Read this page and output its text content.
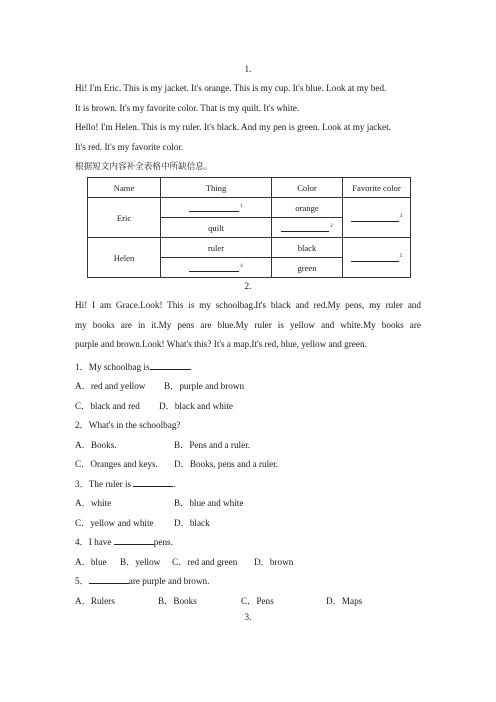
1.
Hi! I'm Eric. This is my jacket. It's orange. This is my cup. It's blue. Look at my bed.
It is brown. It's my favorite color. That is my quilt. It's white.
Hello! I'm Helen. This is my ruler. It's black. And my pen is green. Look at my jacket.
It's red. It's my favorite color.
根据短文内容补全表格中所缺信息。
Name	Thing	Color	Favorite color
Eric	$^1$	orange	$^3$
	quilt	$^2$
Helen	ruler	black	$^5$
	$^4$	green	
2.
Hi! I am Grace.Look! This is my schoolbag.It's black and red.My pens, my ruler and
my books are in it.My pens are blue.My ruler is yellow and white.My books are
purple and brown.Look! What's this? It's a map.It's red, blue, yellow and green.
1．My schoolbag is	.
A．red and yellow B．purple and brown
C．black and red D．black and white
2．What's in the schoolbag?
A．Books.	B．Pens and a ruler.
C．Oranges and keys. D．Books, pens and a ruler.
3．The ruler is	.
A．white	B．blue and white
C．yellow and white D．black
4．I have	pens.
A．blue B．yellow C．red and green D．brown
5．	are purple and brown.
A．Rulers	B．Books	C．Pens	D．Maps
3.
